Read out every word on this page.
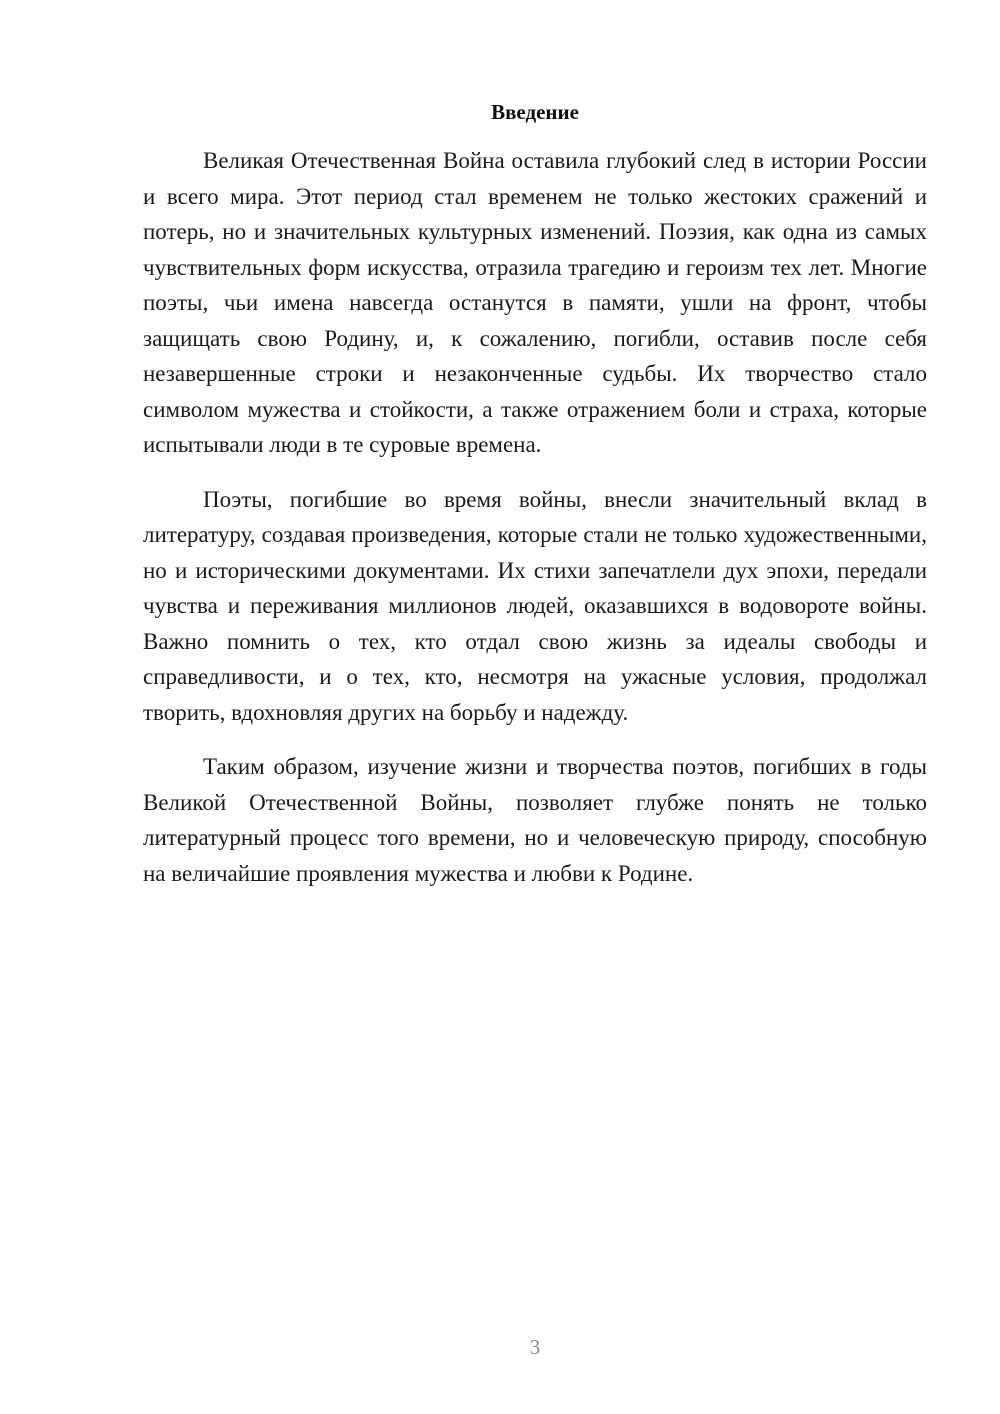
Введение

Великая Отечественная Война оставила глубокий след в истории России и всего мира. Этот период стал временем не только жестоких сражений и потерь, но и значительных культурных изменений. Поэзия, как одна из самых чувствительных форм искусства, отразила трагедию и героизм тех лет. Многие поэты, чьи имена навсегда останутся в памяти, ушли на фронт, чтобы защищать свою Родину, и, к сожалению, погибли, оставив после себя незавершенные строки и незаконченные судьбы. Их творчество стало символом мужества и стойкости, а также отражением боли и страха, которые испытывали люди в те суровые времена.

Поэты, погибшие во время войны, внесли значительный вклад в литературу, создавая произведения, которые стали не только художественными, но и историческими документами. Их стихи запечатлели дух эпохи, передали чувства и переживания миллионов людей, оказавшихся в водовороте войны. Важно помнить о тех, кто отдал свою жизнь за идеалы свободы и справедливости, и о тех, кто, несмотря на ужасные условия, продолжал творить, вдохновляя других на борьбу и надежду.

Таким образом, изучение жизни и творчества поэтов, погибших в годы Великой Отечественной Войны, позволяет глубже понять не только литературный процесс того времени, но и человеческую природу, способную на величайшие проявления мужества и любви к Родине.

3
